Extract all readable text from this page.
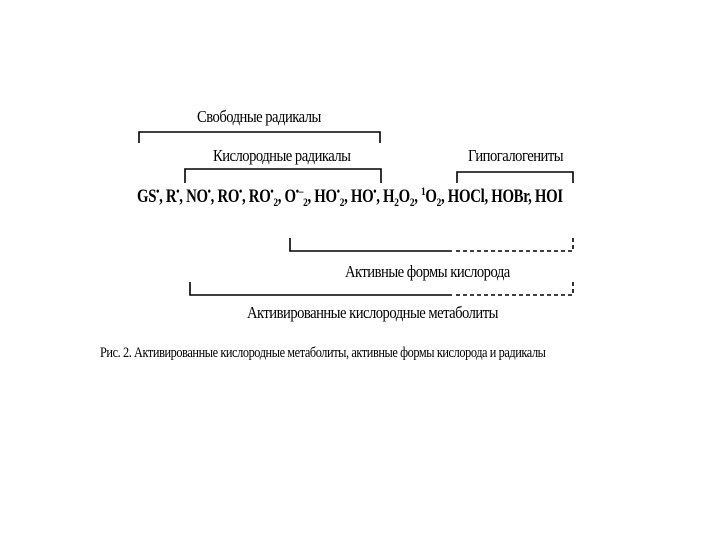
Свободные радикалы
Кислородные радикалы	Гипогалогениты
GS•, R•, NO•, RO•, $RO^•_2$, $O^{•-}_2$, $HO^•_2$, HO•, $H_2O_2$, $^1O_2$, HOCl, HOBr, HOI
Активные формы кислорода
Активированные кислородные метаболиты
Рис. 2. Активированные кислородные метаболиты, активные формы кислорода и радикалы
